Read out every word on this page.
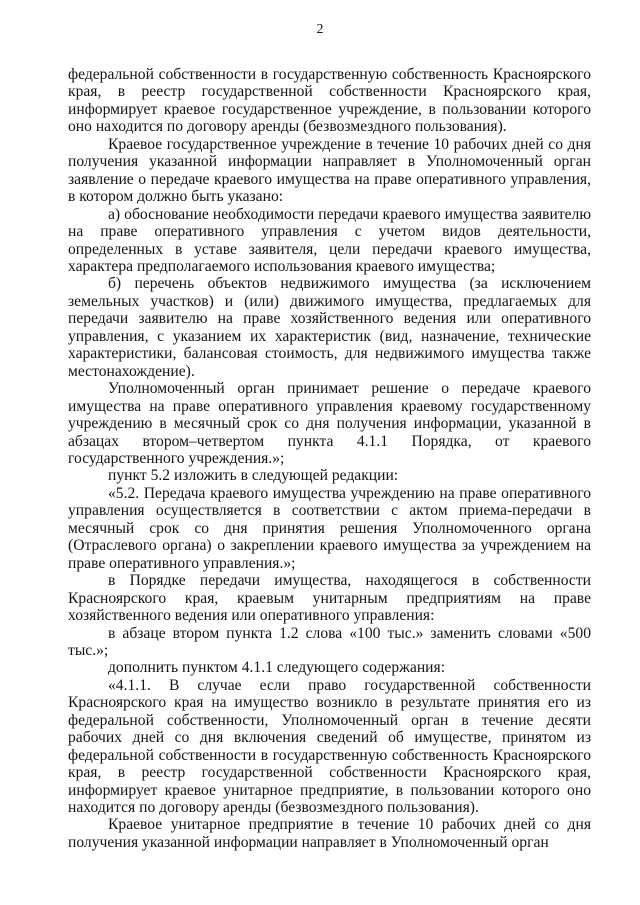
2

федеральной собственности в государственную собственность Красноярского края, в реестр государственной собственности Красноярского края, информирует краевое государственное учреждение, в пользовании которого оно находится по договору аренды (безвозмездного пользования).

Краевое государственное учреждение в течение 10 рабочих дней со дня получения указанной информации направляет в Уполномоченный орган заявление о передаче краевого имущества на праве оперативного управления, в котором должно быть указано:

а) обоснование необходимости передачи краевого имущества заявителю на праве оперативного управления с учетом видов деятельности, определенных в уставе заявителя, цели передачи краевого имущества, характера предполагаемого использования краевого имущества;

б) перечень объектов недвижимого имущества (за исключением земельных участков) и (или) движимого имущества, предлагаемых для передачи заявителю на праве хозяйственного ведения или оперативного управления, с указанием их характеристик (вид, назначение, технические характеристики, балансовая стоимость, для недвижимого имущества также местонахождение).

Уполномоченный орган принимает решение о передаче краевого имущества на праве оперативного управления краевому государственному учреждению в месячный срок со дня получения информации, указанной в абзацах втором–четвертом пункта 4.1.1 Порядка, от краевого государственного учреждения.»;

пункт 5.2 изложить в следующей редакции:

«5.2. Передача краевого имущества учреждению на праве оперативного управления осуществляется в соответствии с актом приема-передачи в месячный срок со дня принятия решения Уполномоченного органа (Отраслевого органа) о закреплении краевого имущества за учреждением на праве оперативного управления.»;

в Порядке передачи имущества, находящегося в собственности Красноярского края, краевым унитарным предприятиям на праве хозяйственного ведения или оперативного управления:

в абзаце втором пункта 1.2 слова «100 тыс.» заменить словами «500 тыс.»;

дополнить пунктом 4.1.1 следующего содержания:

«4.1.1. В случае если право государственной собственности Красноярского края на имущество возникло в результате принятия его из федеральной собственности, Уполномоченный орган в течение десяти рабочих дней со дня включения сведений об имуществе, принятом из федеральной собственности в государственную собственность Красноярского края, в реестр государственной собственности Красноярского края, информирует краевое унитарное предприятие, в пользовании которого оно находится по договору аренды (безвозмездного пользования).

Краевое унитарное предприятие в течение 10 рабочих дней со дня получения указанной информации направляет в Уполномоченный орган
